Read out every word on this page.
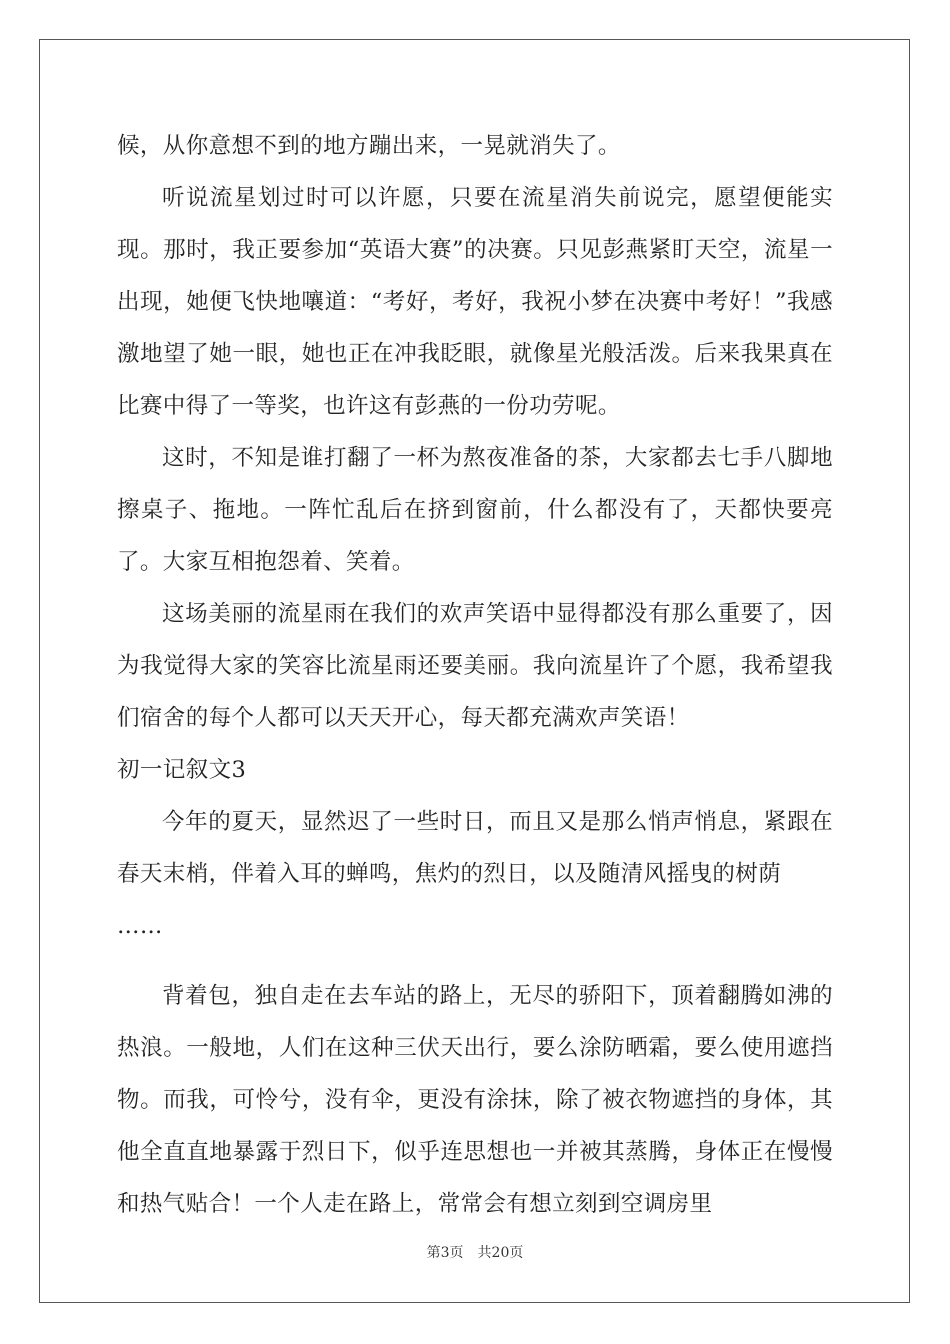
候，从你意想不到的地方蹦出来，一晃就消失了。

听说流星划过时可以许愿，只要在流星消失前说完，愿望便能实现。那时，我正要参加“英语大赛”的决赛。只见彭燕紧盯天空，流星一出现，她便飞快地嚷道：“考好，考好，我祝小梦在决赛中考好！”我感激地望了她一眼，她也正在冲我眨眼，就像星光般活泼。后来我果真在比赛中得了一等奖，也许这有彭燕的一份功劳呢。

这时，不知是谁打翻了一杯为熬夜准备的茶，大家都去七手八脚地擦桌子、拖地。一阵忙乱后在挤到窗前，什么都没有了，天都快要亮了。大家互相抱怨着、笑着。

这场美丽的流星雨在我们的欢声笑语中显得都没有那么重要了，因为我觉得大家的笑容比流星雨还要美丽。我向流星许了个愿，我希望我们宿舍的每个人都可以天天开心，每天都充满欢声笑语！

初一记叙文3

今年的夏天，显然迟了一些时日，而且又是那么悄声悄息，紧跟在春天末梢，伴着入耳的蝉鸣，焦灼的烈日，以及随清风摇曳的树荫

……

背着包，独自走在去车站的路上，无尽的骄阳下，顶着翻腾如沸的热浪。一般地，人们在这种三伏天出行，要么涂防晒霜，要么使用遮挡物。而我，可怜兮，没有伞，更没有涂抹，除了被衣物遮挡的身体，其他全直直地暴露于烈日下，似乎连思想也一并被其蒸腾，身体正在慢慢和热气贴合！一个人走在路上，常常会有想立刻到空调房里

第3页 共20页
